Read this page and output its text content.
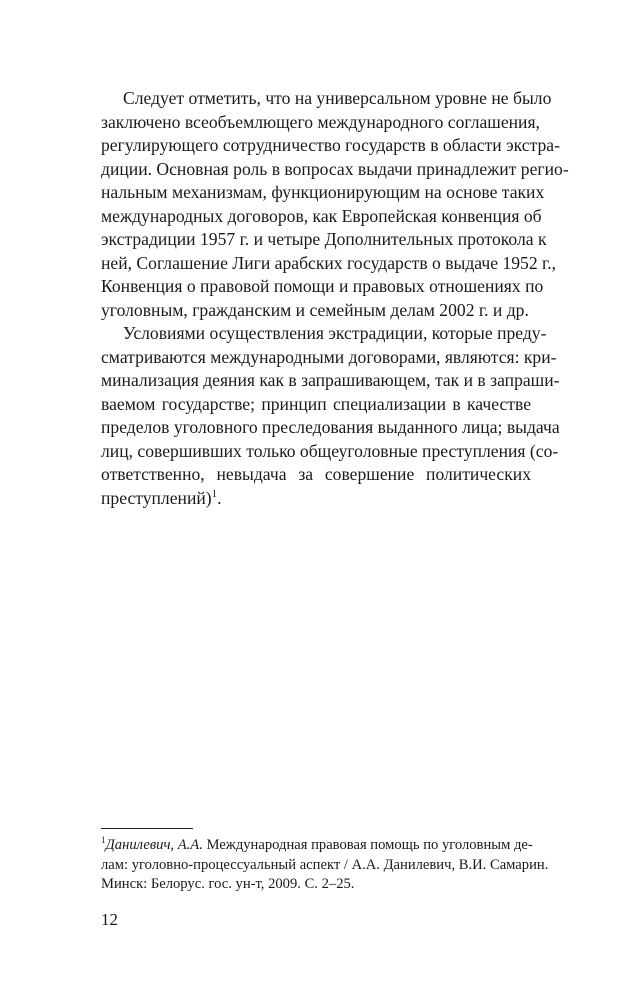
Следует отметить, что на универсальном уровне не было
заключено всеобъемлющего международного соглашения,
регулирующего сотрудничество государств в области экстра-
диции. Основная роль в вопросах выдачи принадлежит регио-
нальным механизмам, функционирующим на основе таких
международных договоров, как Европейская конвенция об
экстрадиции 1957 г. и четыре Дополнительных протокола к
ней, Соглашение Лиги арабских государств о выдаче 1952 г.,
Конвенция о правовой помощи и правовых отношениях по
уголовным, гражданским и семейным делам 2002 г. и др.
Условиями осуществления экстрадиции, которые преду-
сматриваются международными договорами, являются: кри-
минализация деяния как в запрашивающем, так и в запраши-
ваемом государстве; принцип специализации в качестве
пределов уголовного преследования выданного лица; выдача
лиц, совершивших только общеуголовные преступления (со-
ответственно, невыдача за совершение политических
преступлений)$^1$.
$^1$Данилевич, А.А. Международная правовая помощь по уголовным де-
лам: уголовно-процессуальный аспект / А.А. Данилевич, В.И. Самарин.
Минск: Белорус. гос. ун-т, 2009. С. 2–25.
12
